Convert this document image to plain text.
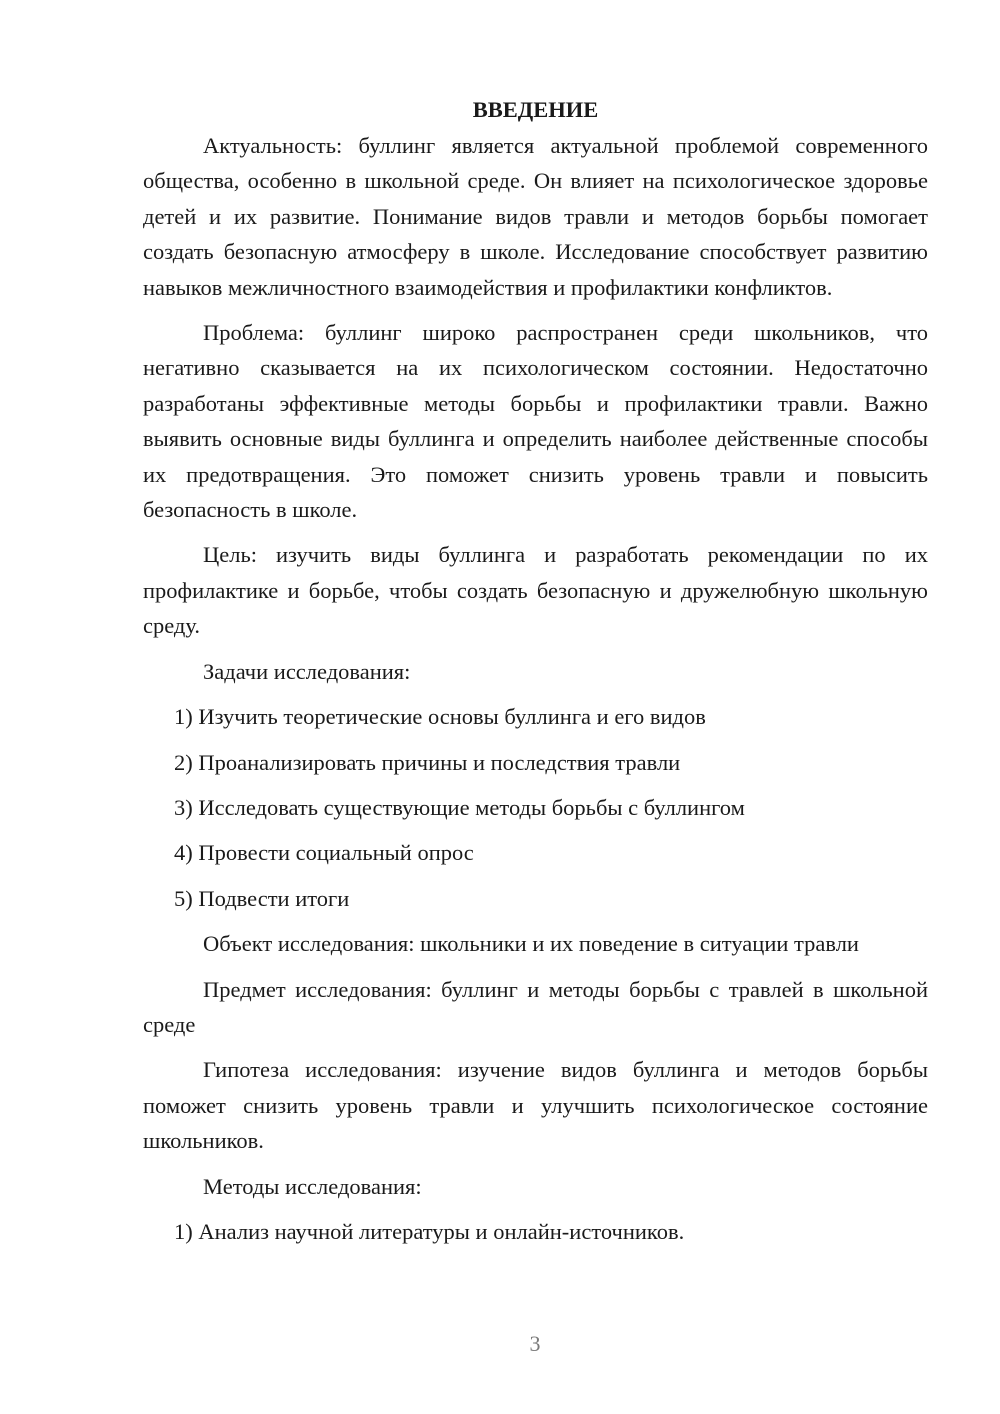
ВВЕДЕНИЕ

Актуальность: буллинг является актуальной проблемой современного общества, особенно в школьной среде. Он влияет на психологическое здоровье детей и их развитие. Понимание видов травли и методов борьбы помогает создать безопасную атмосферу в школе. Исследование способствует развитию навыков межличностного взаимодействия и профилактики конфликтов.

Проблема: буллинг широко распространен среди школьников, что негативно сказывается на их психологическом состоянии. Недостаточно разработаны эффективные методы борьбы и профилактики травли. Важно выявить основные виды буллинга и определить наиболее действенные способы их предотвращения. Это поможет снизить уровень травли и повысить безопасность в школе.

Цель: изучить виды буллинга и разработать рекомендации по их профилактике и борьбе, чтобы создать безопасную и дружелюбную школьную среду.

Задачи исследования:

1) Изучить теоретические основы буллинга и его видов
2) Проанализировать причины и последствия травли
3) Исследовать существующие методы борьбы с буллингом
4) Провести социальный опрос
5) Подвести итоги

Объект исследования: школьники и их поведение в ситуации травли

Предмет исследования: буллинг и методы борьбы с травлей в школьной среде

Гипотеза исследования: изучение видов буллинга и методов борьбы поможет снизить уровень травли и улучшить психологическое состояние школьников.

Методы исследования:

1) Анализ научной литературы и онлайн-источников.
3
